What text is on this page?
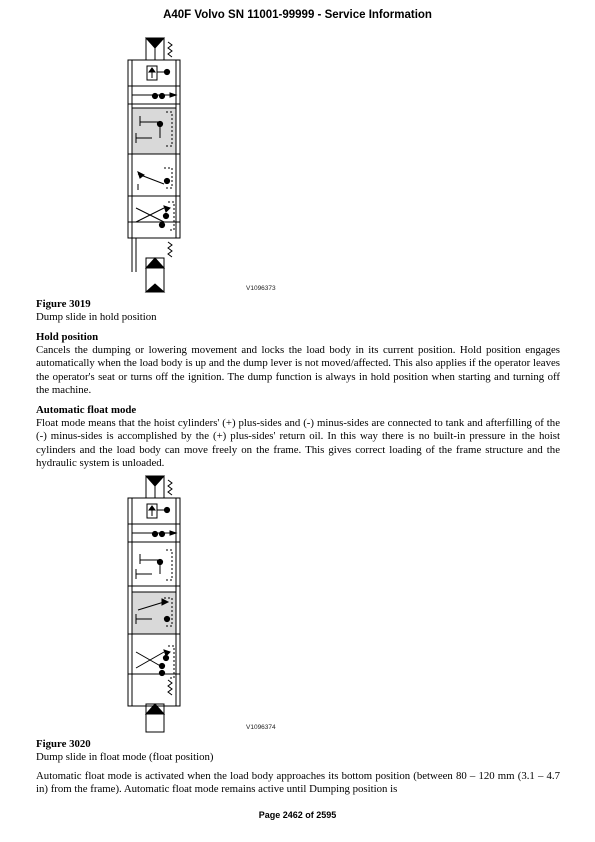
A40F Volvo SN 11001-99999 - Service Information
V1096373
Figure 3019
Dump slide in hold position
Hold position

Cancels the dumping or lowering movement and locks the load body in its current position. Hold position engages automatically when the load body is up and the dump lever is not moved/affected. This also applies if the operator leaves the operator's seat or turns off the ignition. The dump function is always in hold position when starting and turning off the machine.

Automatic float mode

Float mode means that the hoist cylinders' (+) plus-sides and (-) minus-sides are connected to tank and afterfilling of the (-) minus-sides is accomplished by the (+) plus-sides' return oil. In this way there is no built-in pressure in the hoist cylinders and the load body can move freely on the frame. This gives correct loading of the frame structure and the hydraulic system is unloaded.

V1096374
Figure 3020
Dump slide in float mode (float position)

Automatic float mode is activated when the load body approaches its bottom position (between 80 – 120 mm (3.1 – 4.7 in) from the frame). Automatic float mode remains active until Dumping position is

Page 2462 of 2595
